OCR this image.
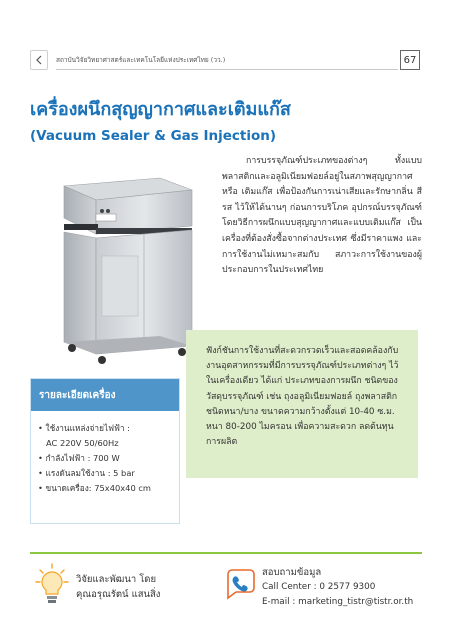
สถาบันวิจัยวิทยาศาสตร์และเทคโนโลยีแห่งประเทศไทย (วว.)	67
เครื่องผนึกสุญญากาศและเติมแก๊ส
(Vacuum Sealer & Gas Injection)
การบรรจุภัณฑ์ประเภทของต่างๆ ทั้งแบบพลาสติกและอลูมิเนียมฟอยล์อยู่ในสภาพสุญญากาศ หรือ เติมแก๊ส เพื่อป้องกันการเน่าเสียและรักษากลิ่น สี รส ไว้ให้ได้นานๆ ก่อนการบริโภค อุปกรณ์บรรจุภัณฑ์ โดยวิธีการผนึกแบบสุญญากาศและแบบเติมแก๊ส เป็นเครื่องที่ต้องสั่งซื้อจากต่างประเทศ ซึ่งมีราคาแพง และการใช้งานไม่เหมาะสมกับ สภาวะการใช้งานของผู้ประกอบการในประเทศไทย
ฟังก์ชันการใช้งานที่สะดวกรวดเร็วและสอดคล้องกับงานอุตสาหกรรมที่มีการบรรจุภัณฑ์ประเภทต่างๆ ไว้ในเครื่องเดียว ได้แก่ ประเภทของการผนึก ชนิดของวัสดุบรรจุภัณฑ์ เช่น ถุงอลูมิเนียมฟอยล์ ถุงพลาสติกชนิดหนา/บาง ขนาดความกว้างตั้งแต่ 10-40 ซ.ม. หนา 80-200 ไมครอน เพื่อความสะดวก ลดต้นทุนการผลิต
รายละเอียดเครื่อง
• ใช้งานแหล่งจ่ายไฟฟ้า :
AC 220V 50/60Hz
• กำลังไฟฟ้า : 700 W
• แรงดันลมใช้งาน : 5 bar
• ขนาดเครื่อง: 75x40x40 cm
วิจัยและพัฒนา โดย
คุณอรุณรัตน์ แสนสิ่ง
สอบถามข้อมูล
Call Center : 0 2577 9300
E-mail : marketing_tistr@tistr.or.th
